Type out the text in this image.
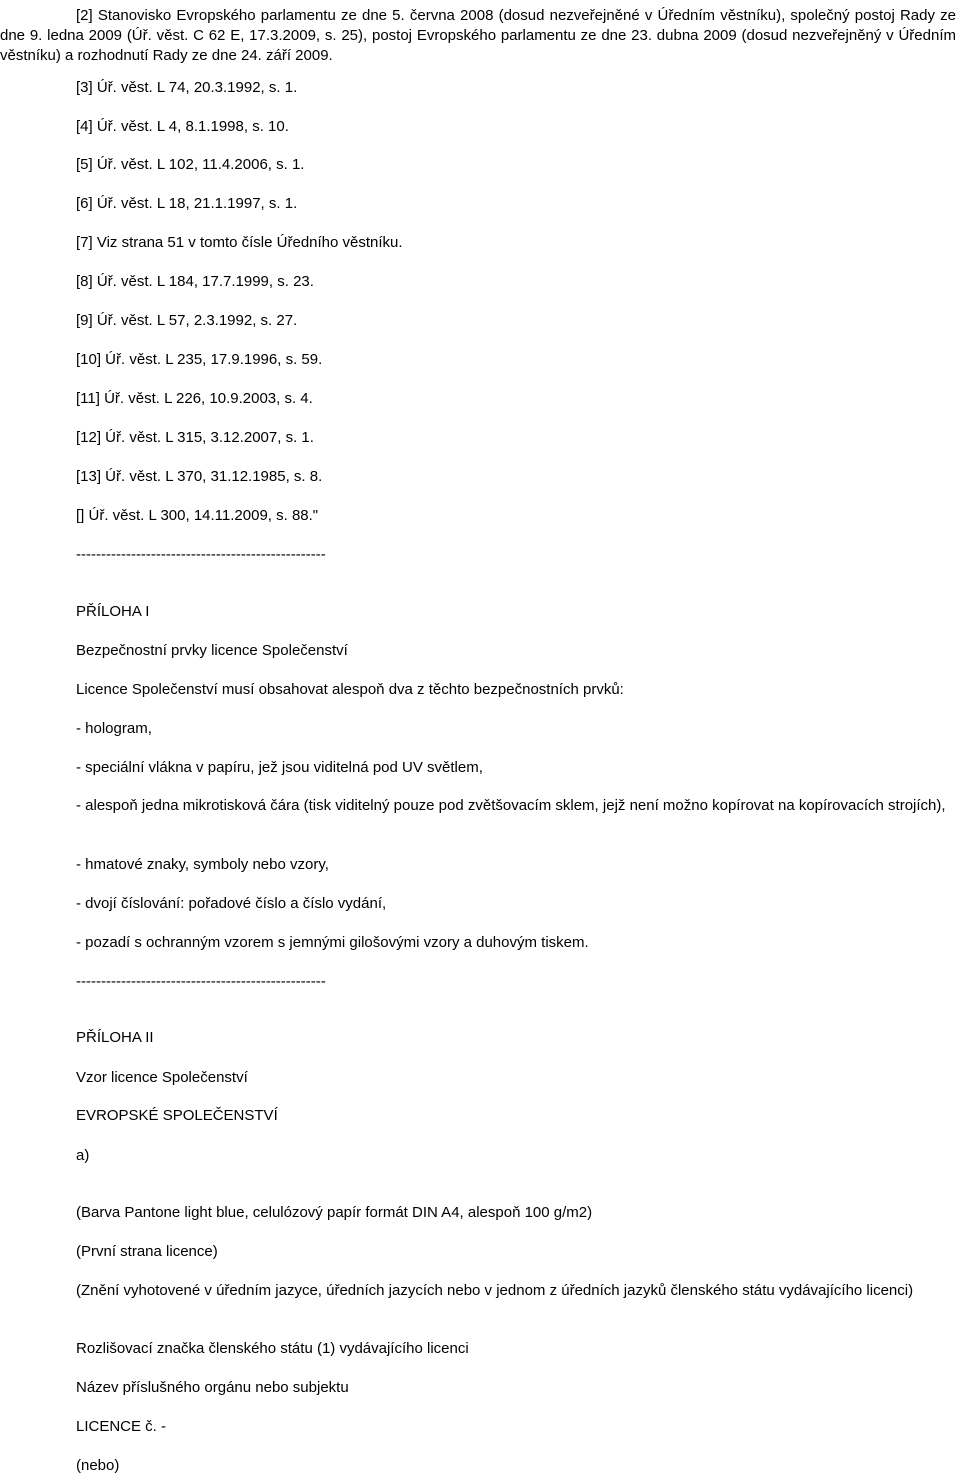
[2] Stanovisko Evropského parlamentu ze dne 5. června 2008 (dosud nezveřejněné v Úředním věstníku), společný postoj Rady ze dne 9. ledna 2009 (Úř. věst. C 62 E, 17.3.2009, s. 25), postoj Evropského parlamentu ze dne 23. dubna 2009 (dosud nezveřejněný v Úředním věstníku) a rozhodnutí Rady ze dne 24. září 2009.

[3] Úř. věst. L 74, 20.3.1992, s. 1.

[4] Úř. věst. L 4, 8.1.1998, s. 10.

[5] Úř. věst. L 102, 11.4.2006, s. 1.

[6] Úř. věst. L 18, 21.1.1997, s. 1.

[7] Viz strana 51 v tomto čísle Úředního věstníku.

[8] Úř. věst. L 184, 17.7.1999, s. 23.

[9] Úř. věst. L 57, 2.3.1992, s. 27.

[10] Úř. věst. L 235, 17.9.1996, s. 59.

[11] Úř. věst. L 226, 10.9.2003, s. 4.

[12] Úř. věst. L 315, 3.12.2007, s. 1.

[13] Úř. věst. L 370, 31.12.1985, s. 8.

[] Úř. věst. L 300, 14.11.2009, s. 88."

--------------------------------------------------

PŘÍLOHA I

Bezpečnostní prvky licence Společenství

Licence Společenství musí obsahovat alespoň dva z těchto bezpečnostních prvků:

- hologram,

- speciální vlákna v papíru, jež jsou viditelná pod UV světlem,

- alespoň jedna mikrotisková čára (tisk viditelný pouze pod zvětšovacím sklem, jejž není možno kopírovat na kopírovacích strojích),

- hmatové znaky, symboly nebo vzory,

- dvojí číslování: pořadové číslo a číslo vydání,

- pozadí s ochranným vzorem s jemnými gilošovými vzory a duhovým tiskem.

--------------------------------------------------

PŘÍLOHA II

Vzor licence Společenství

EVROPSKÉ SPOLEČENSTVÍ

a)

(Barva Pantone light blue, celulózový papír formát DIN A4, alespoň 100 g/m2)

(První strana licence)

(Znění vyhotovené v úředním jazyce, úředních jazycích nebo v jednom z úředních jazyků členského státu vydávajícího licenci)

Rozlišovací značka členského státu (1) vydávajícího licenci

Název příslušného orgánu nebo subjektu

LICENCE č. -

(nebo)
